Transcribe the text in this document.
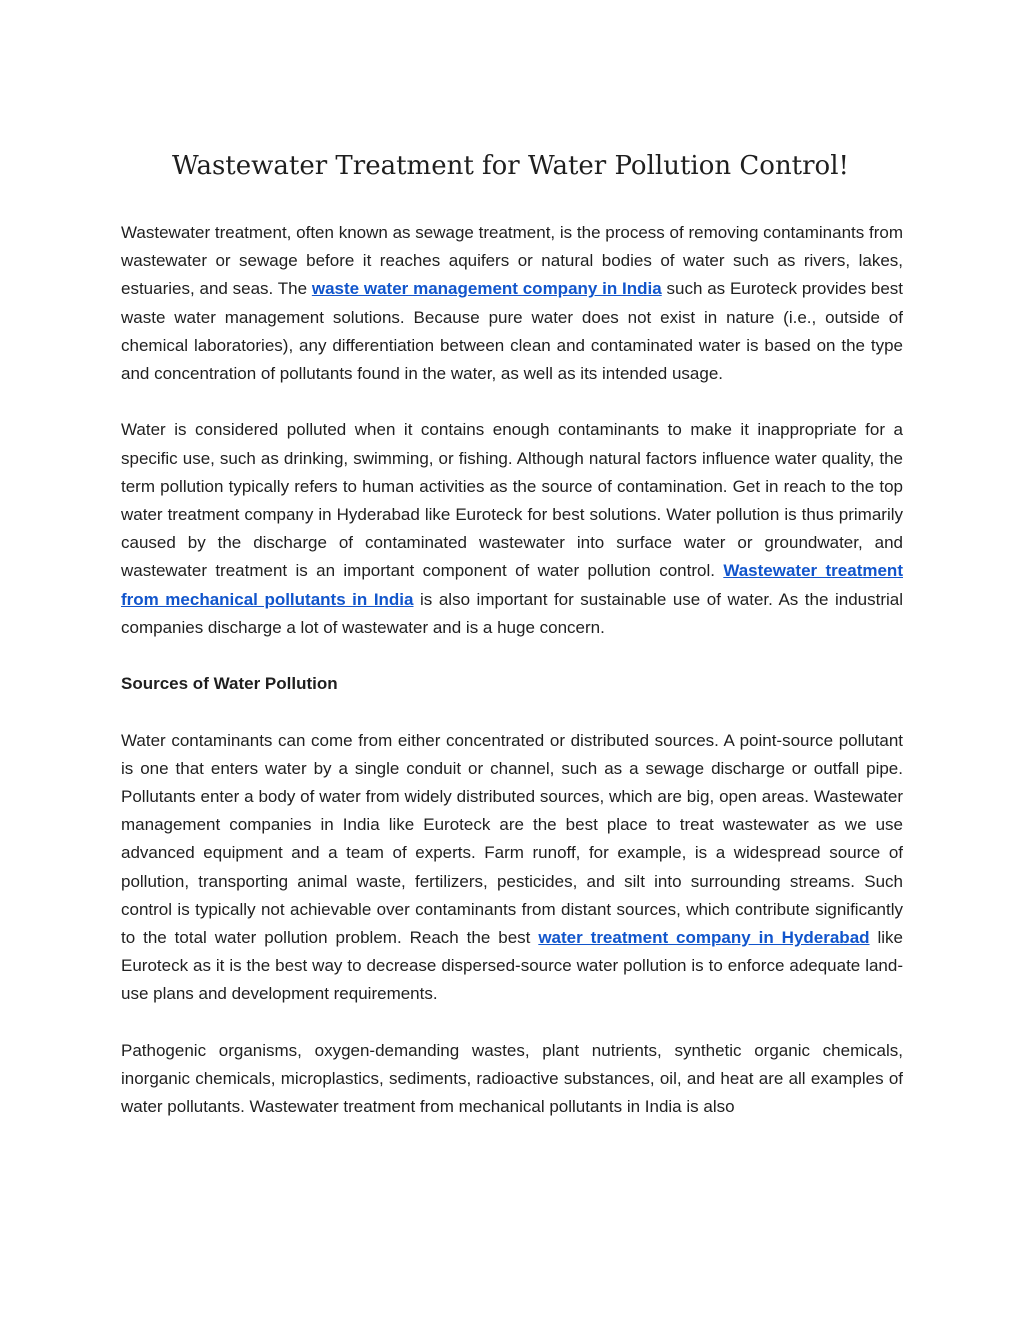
Wastewater Treatment for Water Pollution Control!

Wastewater treatment, often known as sewage treatment, is the process of removing contaminants from wastewater or sewage before it reaches aquifers or natural bodies of water such as rivers, lakes, estuaries, and seas. The waste water management company in India such as Euroteck provides best waste water management solutions. Because pure water does not exist in nature (i.e., outside of chemical laboratories), any differentiation between clean and contaminated water is based on the type and concentration of pollutants found in the water, as well as its intended usage.

Water is considered polluted when it contains enough contaminants to make it inappropriate for a specific use, such as drinking, swimming, or fishing. Although natural factors influence water quality, the term pollution typically refers to human activities as the source of contamination. Get in reach to the top water treatment company in Hyderabad like Euroteck for best solutions. Water pollution is thus primarily caused by the discharge of contaminated wastewater into surface water or groundwater, and wastewater treatment is an important component of water pollution control. Wastewater treatment from mechanical pollutants in India is also important for sustainable use of water. As the industrial companies discharge a lot of wastewater and is a huge concern.

Sources of Water Pollution

Water contaminants can come from either concentrated or distributed sources. A point-source pollutant is one that enters water by a single conduit or channel, such as a sewage discharge or outfall pipe. Pollutants enter a body of water from widely distributed sources, which are big, open areas. Wastewater management companies in India like Euroteck are the best place to treat wastewater as we use advanced equipment and a team of experts. Farm runoff, for example, is a widespread source of pollution, transporting animal waste, fertilizers, pesticides, and silt into surrounding streams. Such control is typically not achievable over contaminants from distant sources, which contribute significantly to the total water pollution problem. Reach the best water treatment company in Hyderabad like Euroteck as it is the best way to decrease dispersed-source water pollution is to enforce adequate land-use plans and development requirements.

Pathogenic organisms, oxygen-demanding wastes, plant nutrients, synthetic organic chemicals, inorganic chemicals, microplastics, sediments, radioactive substances, oil, and heat are all examples of water pollutants. Wastewater treatment from mechanical pollutants in India is also
